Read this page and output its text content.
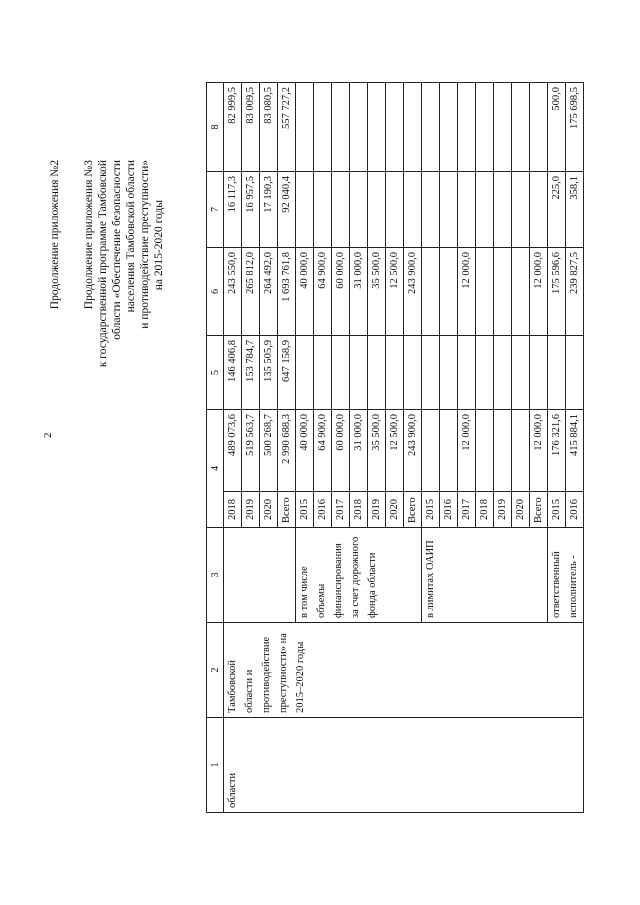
2
Продолжение приложения №2 Продолжение приложения №3 к государственной программе Тамбовской области «Обеспечение безопасности населения Тамбовской области и противодействие преступности» на 2015-2020 годы
1	2	3	4		5	6	7	8
области	Тамбовской области и противодействие преступности» на 2015–2020 годы		2018	489 073,6	146 406,8	243 550,0	16 117,3	82 999,5
			2019	519 563,7	153 784,7	265 812,0	16 957,5	83 009,5
			2020	500 268,7	135 505,9	264 492,0	17 190,3	83 080,5
			Всего	2 990 688,3	647 158,9	1 693 761,8	92 040,4	557 727,2

		в том числе объемы финансирования за счет дорожного фонда области	2015	40 000,0		40 000,0		
			2016	64 900,0		64 900,0		
			2017	60 000,0		60 000,0		
			2018	31 000,0		31 000,0		
			2019	35 500,0		35 500,0		
			2020	12 500,0		12 500,0		
			Всего	243 900,0		243 900,0		

		в лимитах ОАИП	2015					
			2016					
			2017	12 000,0		12 000,0		
			2018					
			2019					
			2020					
			Всего	12 000,0		12 000,0		

		ответственный исполнитель -	2015	176 321,6		175 596,6	225,0	500,0
			2016	415 884,1		239 827,5	358,1	175 698,5
